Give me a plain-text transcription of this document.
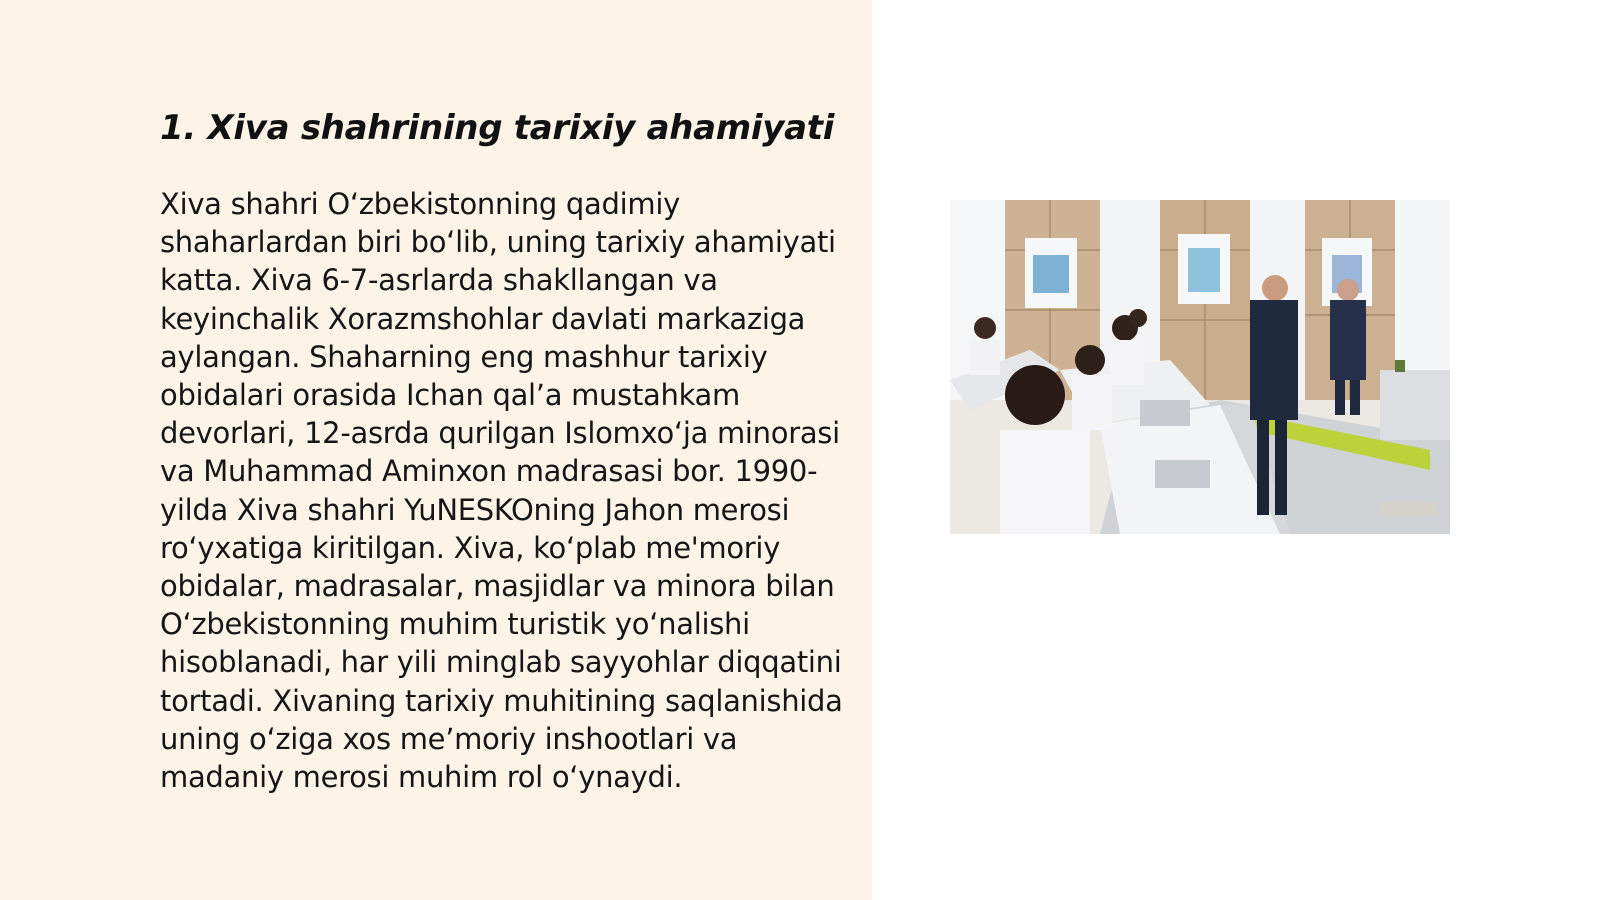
1. Xiva shahrining tarixiy ahamiyati

Xiva shahri O‘zbekistonning qadimiy shaharlardan biri bo‘lib, uning tarixiy ahamiyati katta. Xiva 6-7-asrlarda shakllangan va keyinchalik Xorazmshohlar davlati markaziga aylangan. Shaharning eng mashhur tarixiy obidalari orasida Ichan qal’a mustahkam devorlari, 12-asrda qurilgan Islomxo‘ja minorasi va Muhammad Aminxon madrasasi bor. 1990-yilda Xiva shahri YuNESKOning Jahon merosi ro‘yxatiga kiritilgan. Xiva, ko‘plab me'moriy obidalar, madrasalar, masjidlar va minora bilan O‘zbekistonning muhim turistik yo‘nalishi hisoblanadi, har yili minglab sayyohlar diqqatini tortadi. Xivaning tarixiy muhitining saqlanishida uning o‘ziga xos me’moriy inshootlari va madaniy merosi muhim rol o‘ynaydi.
